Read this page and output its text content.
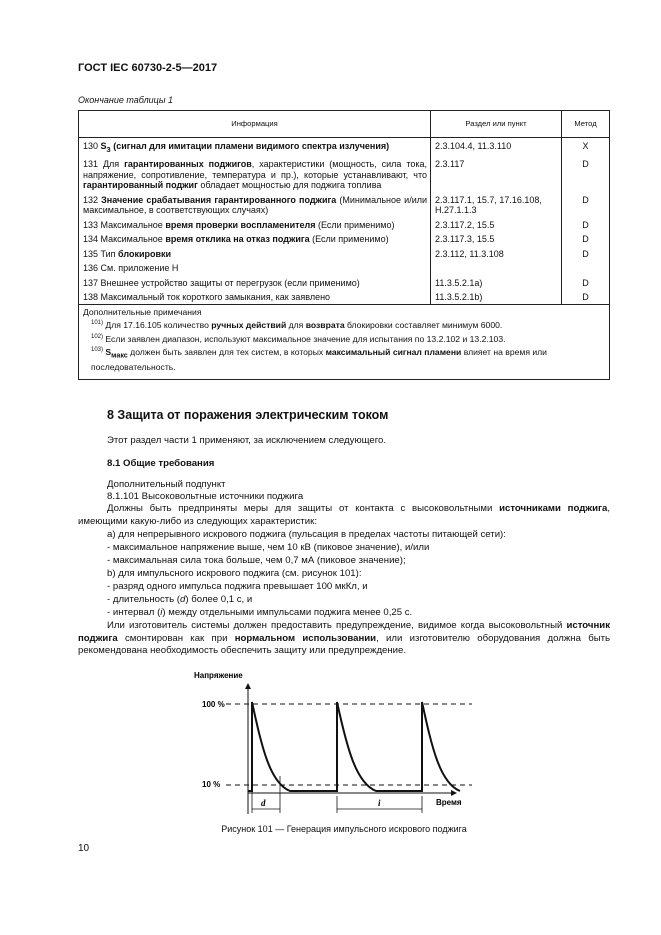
ГОСТ IEC 60730-2-5—2017
Окончание таблицы 1
Информация	Раздел или пункт	Метод
130 $S_3$ (сигнал для имитации пламени видимого спектра излучения)	2.3.104.4, 11.3.110	X
131 Для гарантированных поджигов, характеристики (мощность, сила тока, напряжение, сопротивление, температура и пр.), которые устанавливают, что гарантированный поджиг обладает мощностью для поджига топлива	2.3.117	D
132 Значение срабатывания гарантированного поджига (Минимальное и/или максимальное, в соответствующих случаях)	2.3.117.1, 15.7, 17.16.108, H.27.1.1.3	D
133 Максимальное время проверки воспламенителя (Если применимо)	2.3.117.2, 15.5	D
134 Максимальное время отклика на отказ поджига (Если применимо)	2.3.117.3, 15.5	D
135 Тип блокировки	2.3.112, 11.3.108	D
136 См. приложение H		
137 Внешнее устройство защиты от перегрузок (если применимо)	11.3.5.2.1a)	D
138 Максимальный ток короткого замыкания, как заявлено	11.3.5.2.1b)	D

Дополнительные примечания
$^{101)}$ Для 17.16.105 количество ручных действий для возврата блокировки составляет минимум 6000.
$^{102)}$ Если заявлен диапазон, используют максимальное значение для испытания по 13.2.102 и 13.2.103.
$^{103)}$ $S_{макс}$ должен быть заявлен для тех систем, в которых максимальный сигнал пламени влияет на время или последовательность.		
8 Защита от поражения электрическим током
Этот раздел части 1 применяют, за исключением следующего.
8.1 Общие требования
Дополнительный подпункт
8.1.101 Высоковольтные источники поджига
Должны быть предприняты меры для защиты от контакта с высоковольтными источниками поджига, имеющими какую-либо из следующих характеристик:
a) для непрерывного искрового поджига (пульсация в пределах частоты питающей сети):
- максимальное напряжение выше, чем 10 кВ (пиковое значение), и/или
- максимальная сила тока больше, чем 0,7 мА (пиковое значение);
b) для импульсного искрового поджига (см. рисунок 101):
- разряд одного импульса поджига превышает 100 мкКл, и
- длительность (d) более 0,1 с, и
- интервал (i) между отдельными импульсами поджига менее 0,25 с.
Или изготовитель системы должен предоставить предупреждение, видимое когда высоковольтный источник поджига смонтирован как при нормальном использовании, или изготовителю оборудования должна быть рекомендована необходимость обеспечить защиту или предупреждение.
Напряжение
Время
100 %
10 %
d	i
Рисунок 101 — Генерация импульсного искрового поджига
10
